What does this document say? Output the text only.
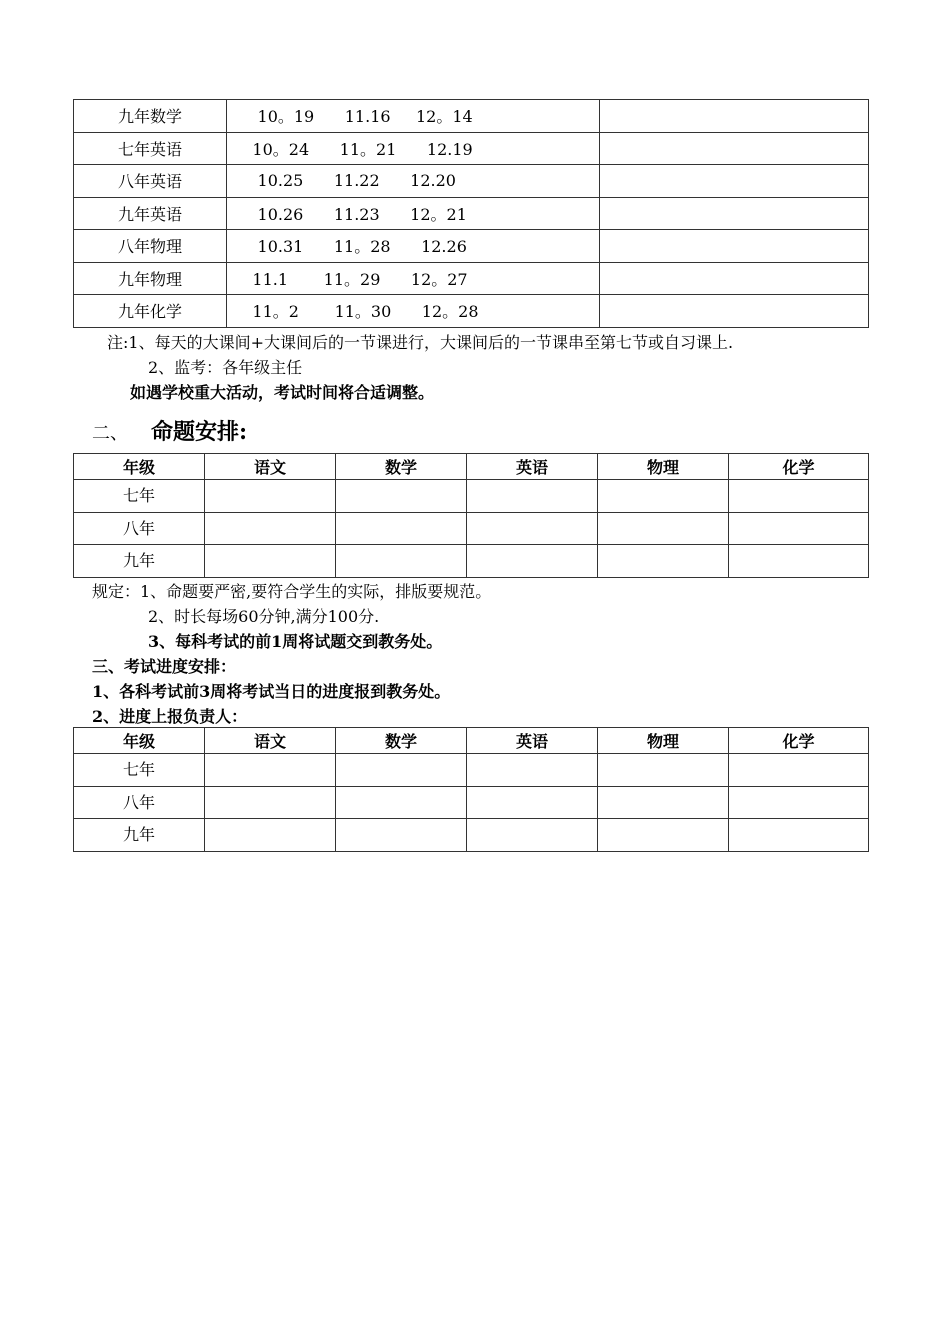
九年数学	10。19      11.16     12。14	
七年英语	10。24      11。21      12.19	
八年英语	10.25      11.22      12.20	
九年英语	10.26      11.23      12。21	
八年物理	10.31      11。28      12.26	
九年物理	11.1       11。29      12。27	
九年化学	11。2       11。30      12。28	
注:1、每天的大课间+大课间后的一节课进行，大课间后的一节课串至第七节或自习课上.
2、监考：各年级主任
如遇学校重大活动，考试时间将合适调整。
二、 命题安排:
年级	语文	数学	英语	物理	化学
七年					
八年					
九年					
规定：1、命题要严密,要符合学生的实际，排版要规范。
2、时长每场60分钟,满分100分.
3、每科考试的前1周将试题交到教务处。
三、考试进度安排：
1、各科考试前3周将考试当日的进度报到教务处。
2、进度上报负责人：
年级	语文	数学	英语	物理	化学
七年					
八年					
九年					
